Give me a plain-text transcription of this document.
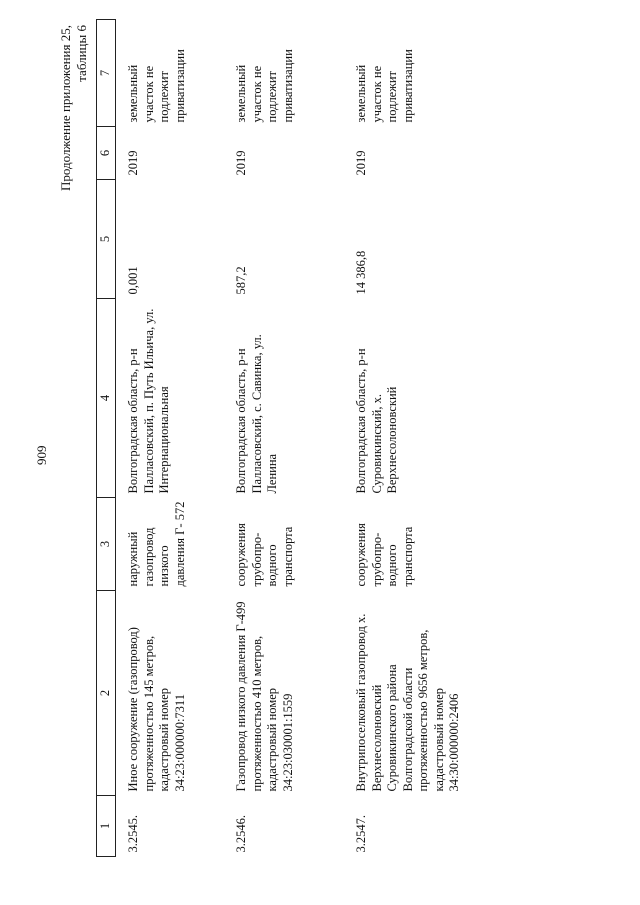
909
Продолжение приложения 25, таблицы 6
1	2	3	4	5	6	7

3.2545.	Иное сооружение (газопровод) протяженностью 145 метров, кадастровый номер 34:23:000000:7311	наружный газопровод низкого давления Г- 572	Волгоградская область, р-н Палласовский, п. Путь Ильича, ул. Интернациональная	0,001	2019	земельный участок не подлежит приватизации
3.2546.	Газопровод низкого давления Г-499 протяженностью 410 метров, кадастровый номер 34:23:030001:1559	сооружения трубопро-водного транспорта	Волгоградская область, р-н Палласовский, с. Савинка, ул. Ленина	587,2	2019	земельный участок не подлежит приватизации
3.2547.	Внутрипоселковый газопровод х. Верхнесолоновский Суровикинского района Волгоградской области протяженностью 9656 метров, кадастровый номер 34:30:000000:2406	сооружения трубопро-водного транспорта	Волгоградская область, р-н Суровикинский, х. Верхнесолоновский	14 386,8	2019	земельный участок не подлежит приватизации
